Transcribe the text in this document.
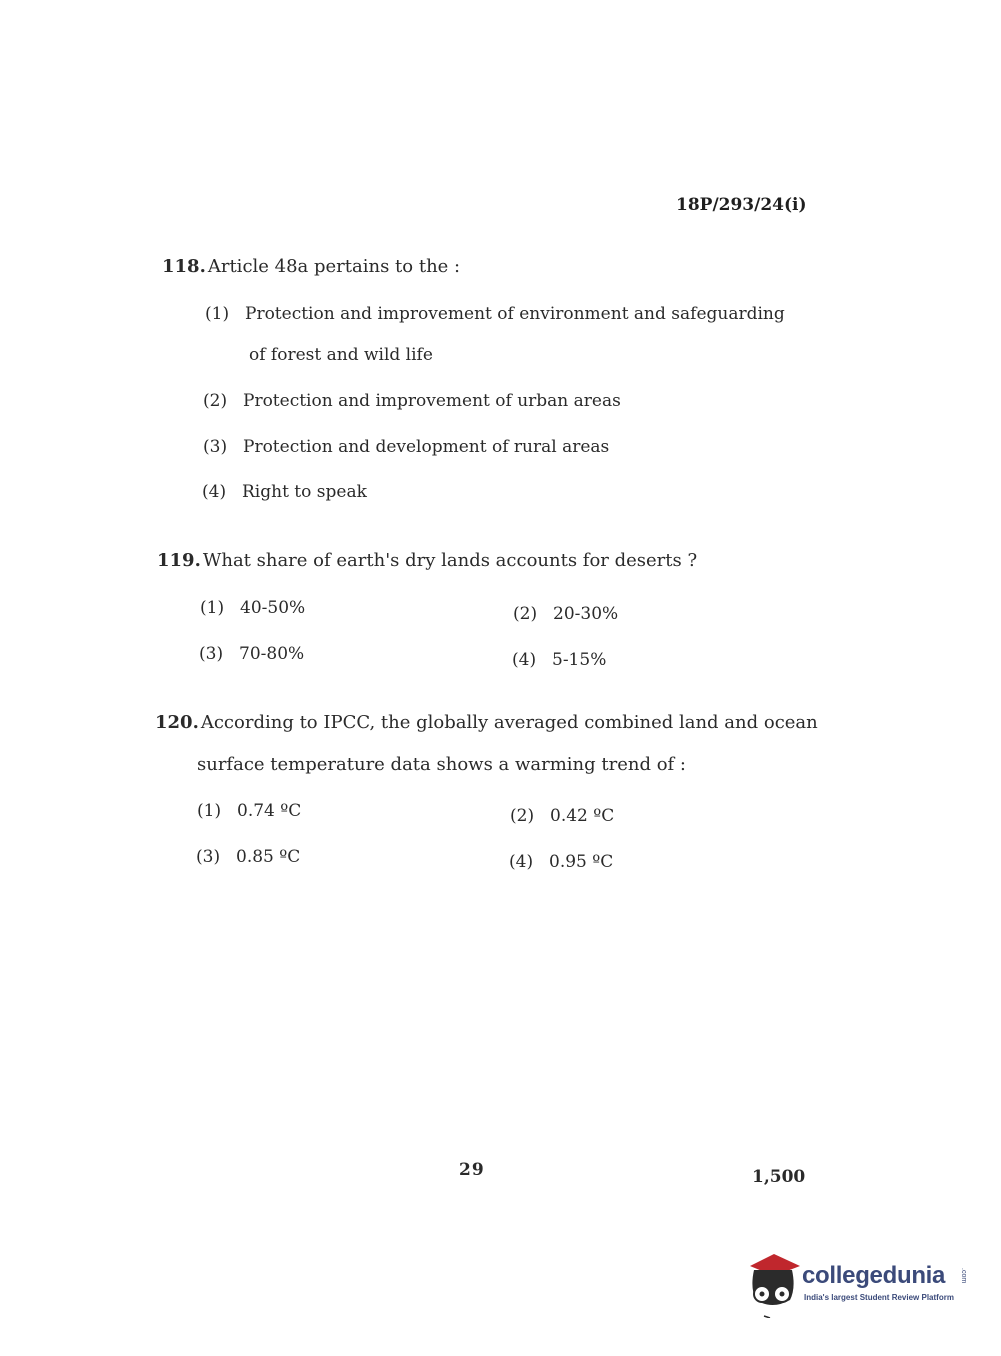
18P/293/24(i)
118. Article 48a pertains to the :
(1) Protection and improvement of environment and safeguarding
of forest and wild life
(2) Protection and improvement of urban areas
(3) Protection and development of rural areas
(4) Right to speak
119. What share of earth's dry lands accounts for deserts ?
(1) 40-50%	(2) 20-30%
(3) 70-80%	(4) 5-15%
120. According to IPCC, the globally averaged combined land and ocean
surface temperature data shows a warming trend of :
(1) 0.74 ºC	(2) 0.42 ºC
(3) 0.85 ºC	(4) 0.95 ºC
29	1,500
collegedunia .com
India's largest Student Review Platform
